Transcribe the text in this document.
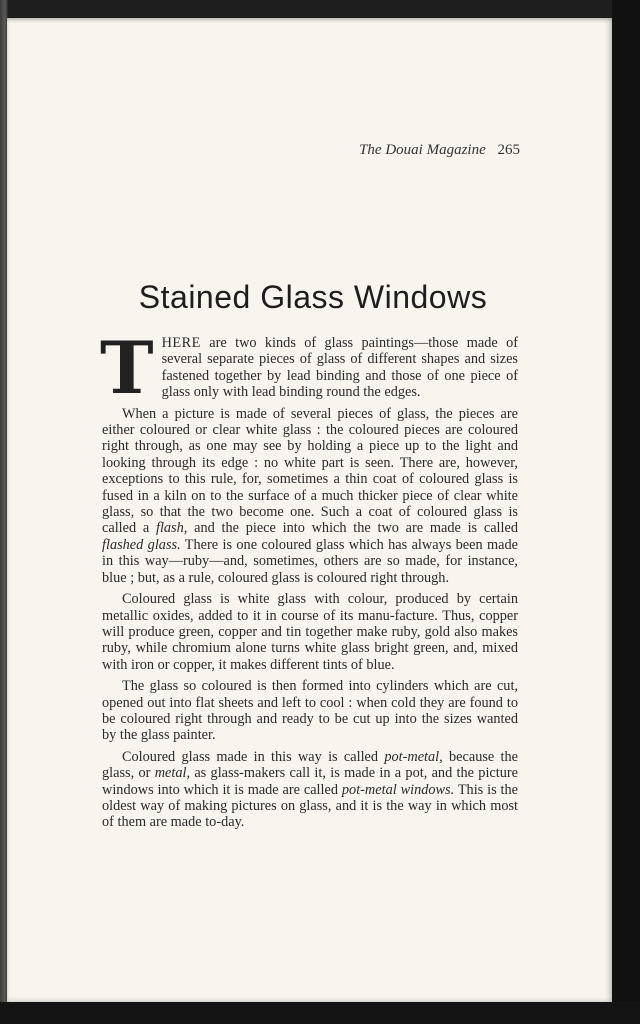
The Douai Magazine 265
Stained Glass Windows

THERE are two kinds of glass paintings—those made of several separate pieces of glass of different shapes and sizes fastened together by lead binding and those of one piece of glass only with lead binding round the edges.

When a picture is made of several pieces of glass, the pieces are either coloured or clear white glass : the coloured pieces are coloured right through, as one may see by holding a piece up to the light and looking through its edge : no white part is seen. There are, however, exceptions to this rule, for, sometimes a thin coat of coloured glass is fused in a kiln on to the surface of a much thicker piece of clear white glass, so that the two become one. Such a coat of coloured glass is called a flash, and the piece into which the two are made is called flashed glass. There is one coloured glass which has always been made in this way—ruby—and, sometimes, others are so made, for instance, blue ; but, as a rule, coloured glass is coloured right through.

Coloured glass is white glass with colour, produced by certain metallic oxides, added to it in course of its manu-facture. Thus, copper will produce green, copper and tin together make ruby, gold also makes ruby, while chromium alone turns white glass bright green, and, mixed with iron or copper, it makes different tints of blue.

The glass so coloured is then formed into cylinders which are cut, opened out into flat sheets and left to cool : when cold they are found to be coloured right through and ready to be cut up into the sizes wanted by the glass painter.

Coloured glass made in this way is called pot-metal, because the glass, or metal, as glass-makers call it, is made in a pot, and the picture windows into which it is made are called pot-metal windows. This is the oldest way of making pictures on glass, and it is the way in which most of them are made to-day.
